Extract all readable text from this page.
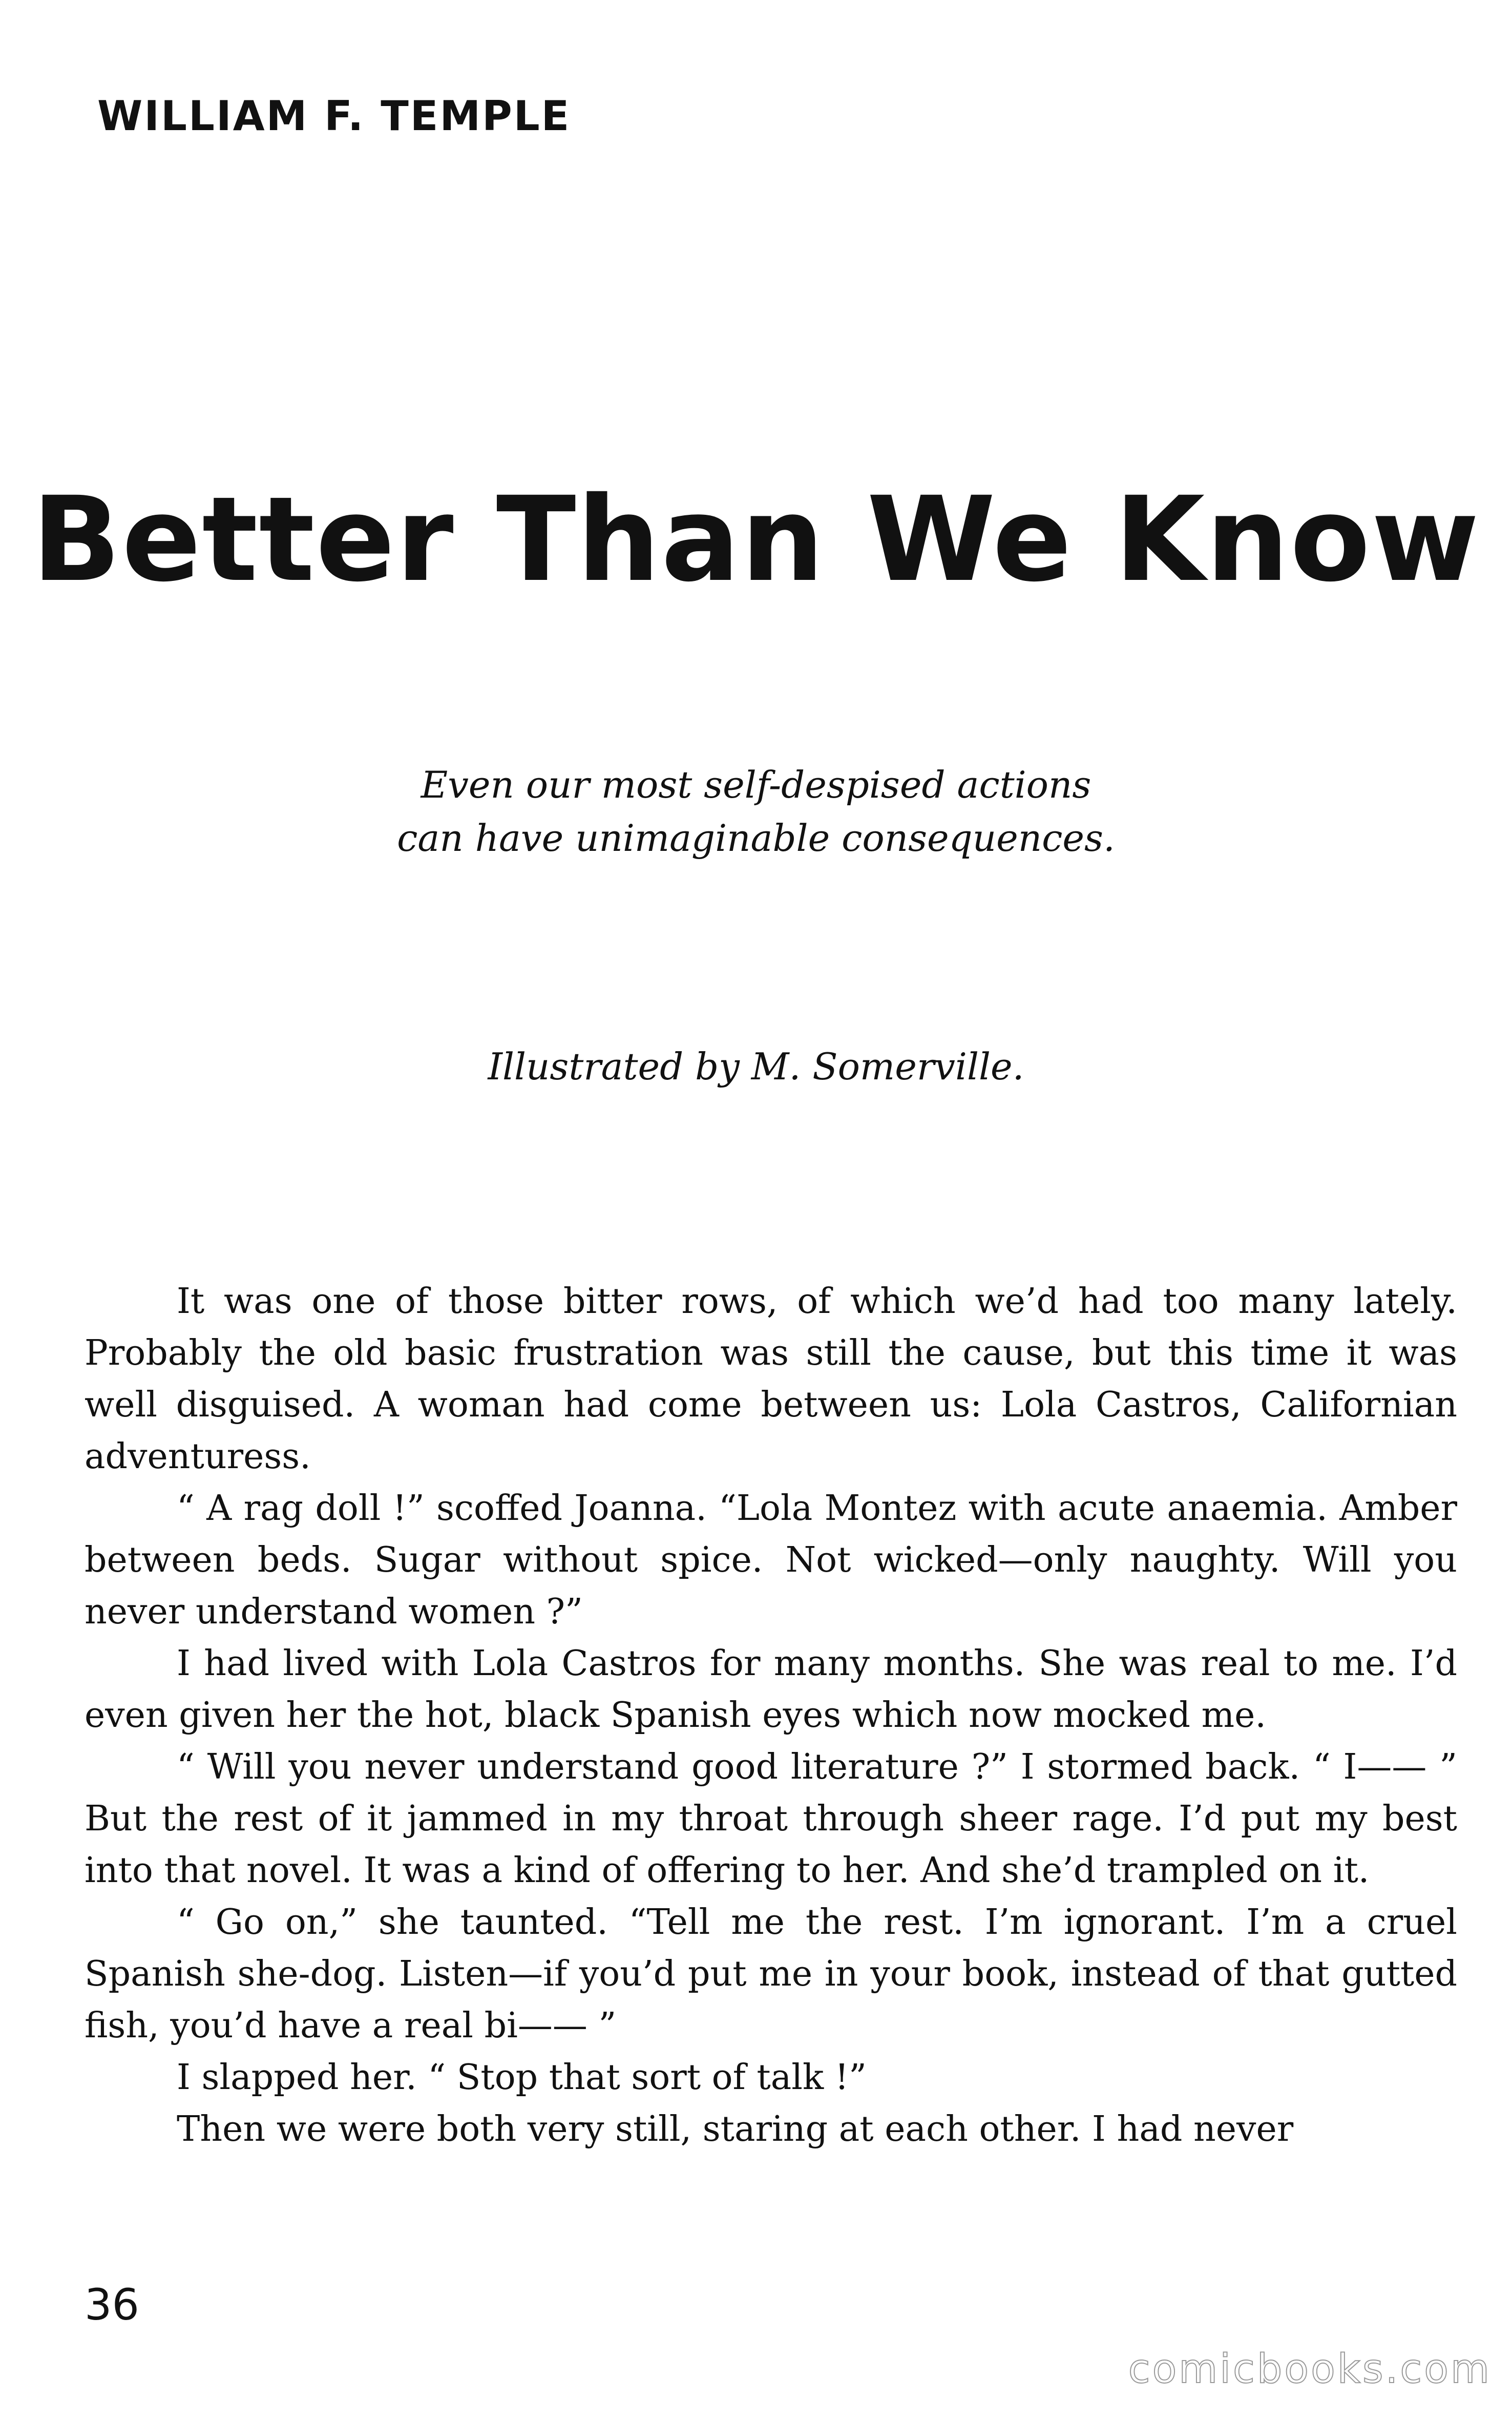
WILLIAM F. TEMPLE
Better Than We Know
Even our most self-despised actions
can have unimaginable consequences.
Illustrated by M. Somerville.

It was one of those bitter rows, of which we’d had too many lately. Probably the old basic frustration was still the cause, but this time it was well disguised. A woman had come between us: Lola Castros, Californian adventuress.

“ A rag doll !” scoffed Joanna. “Lola Montez with acute anaemia. Amber between beds. Sugar without spice. Not wicked—only naughty. Will you never understand women ?”

I had lived with Lola Castros for many months. She was real to me. I’d even given her the hot, black Spanish eyes which now mocked me.

“ Will you never understand good literature ?” I stormed back. “ I—— ” But the rest of it jammed in my throat through sheer rage. I’d put my best into that novel. It was a kind of offering to her. And she’d trampled on it.

“ Go on,” she taunted. “Tell me the rest. I’m ignorant. I’m a cruel Spanish she-dog. Listen—if you’d put me in your book, instead of that gutted fish, you’d have a real bi—— ”

I slapped her. “ Stop that sort of talk !”

Then we were both very still, staring at each other. I had never

36
comicbooks.com
